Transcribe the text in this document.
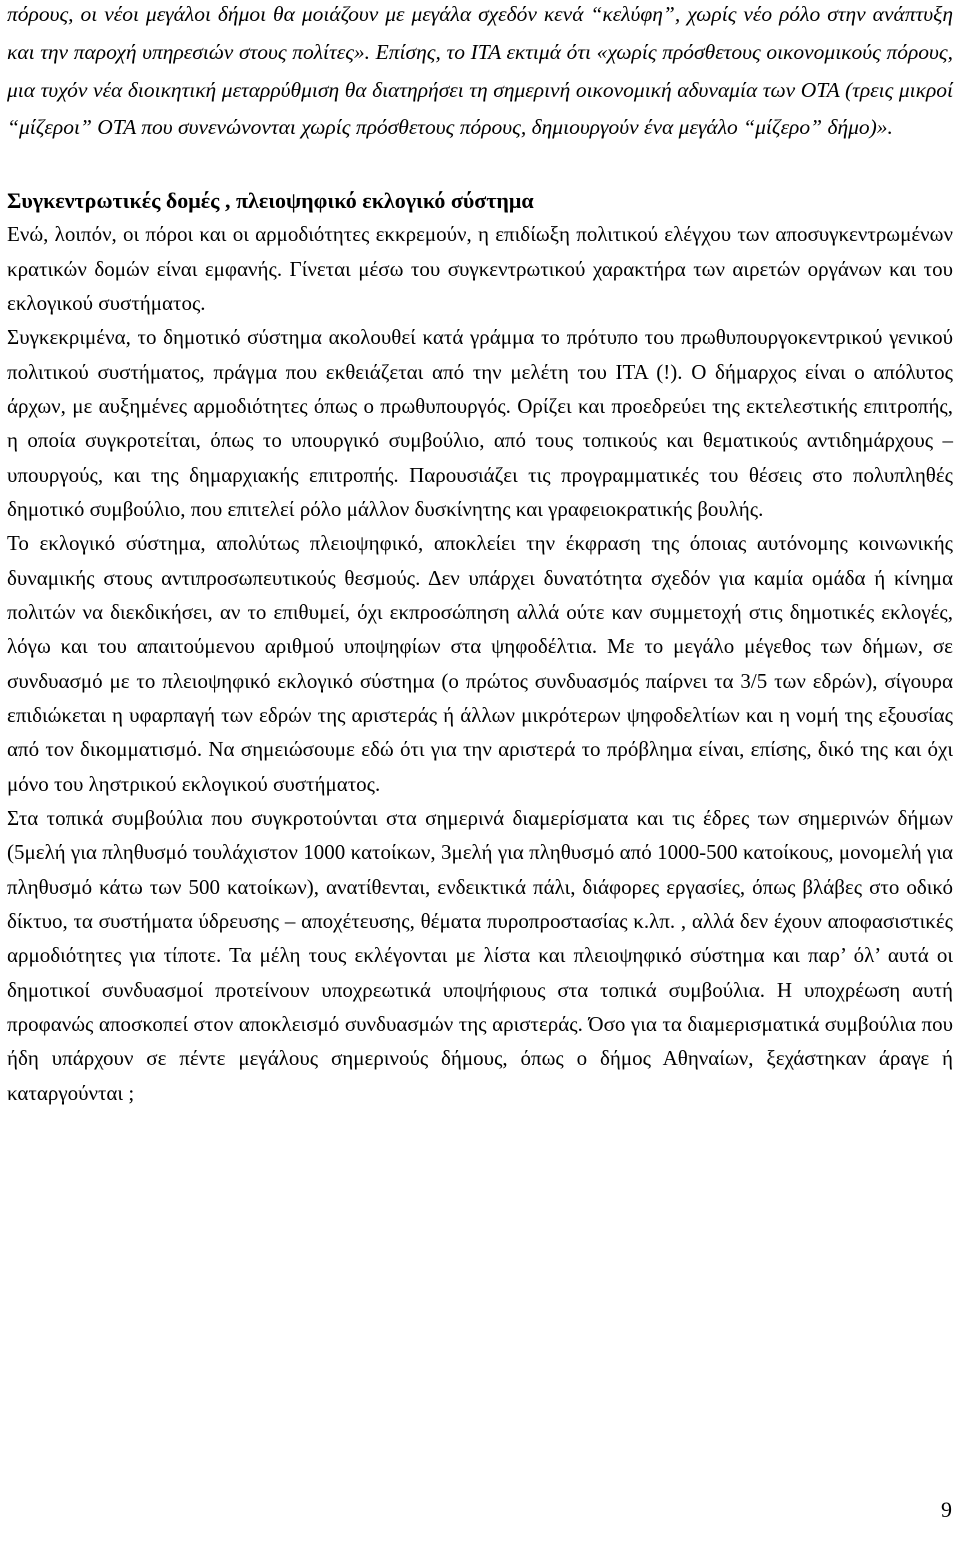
πόρους, οι νέοι μεγάλοι δήμοι θα μοιάζουν με μεγάλα σχεδόν κενά “κελύφη”, χωρίς νέο ρόλο στην ανάπτυξη και την παροχή υπηρεσιών στους πολίτες». Επίσης, το ΙΤΑ εκτιμά ότι «χωρίς πρόσθετους οικονομικούς πόρους, μια τυχόν νέα διοικητική μεταρρύθμιση θα διατηρήσει τη σημερινή οικονομική αδυναμία των ΟΤΑ (τρεις μικροί “μίζεροι” ΟΤΑ που συνενώνονται χωρίς πρόσθετους πόρους, δημιουργούν ένα μεγάλο “μίζερο” δήμο)».

Συγκεντρωτικές δομές , πλειοψηφικό εκλογικό σύστημα

Ενώ, λοιπόν, οι πόροι και οι αρμοδιότητες εκκρεμούν, η επιδίωξη πολιτικού ελέγχου των αποσυγκεντρωμένων κρατικών δομών είναι εμφανής. Γίνεται μέσω του συγκεντρωτικού χαρακτήρα των αιρετών οργάνων και του εκλογικού συστήματος.

Συγκεκριμένα, το δημοτικό σύστημα ακολουθεί κατά γράμμα το πρότυπο του πρωθυπουργοκεντρικού γενικού πολιτικού συστήματος, πράγμα που εκθειάζεται από την μελέτη του ΙΤΑ (!). Ο δήμαρχος είναι ο απόλυτος άρχων, με αυξημένες αρμοδιότητες όπως ο πρωθυπουργός. Ορίζει και προεδρεύει της εκτελεστικής επιτροπής, η οποία συγκροτείται, όπως το υπουργικό συμβούλιο, από τους τοπικούς και θεματικούς αντιδημάρχους – υπουργούς, και της δημαρχιακής επιτροπής. Παρουσιάζει τις προγραμματικές του θέσεις στο πολυπληθές δημοτικό συμβούλιο, που επιτελεί ρόλο μάλλον δυσκίνητης και γραφειοκρατικής βουλής.

Το εκλογικό σύστημα, απολύτως πλειοψηφικό, αποκλείει την έκφραση της όποιας αυτόνομης κοινωνικής δυναμικής στους αντιπροσωπευτικούς θεσμούς. Δεν υπάρχει δυνατότητα σχεδόν για καμία ομάδα ή κίνημα πολιτών να διεκδικήσει, αν το επιθυμεί, όχι εκπροσώπηση αλλά ούτε καν συμμετοχή στις δημοτικές εκλογές, λόγω και του απαιτούμενου αριθμού υποψηφίων στα ψηφοδέλτια. Με το μεγάλο μέγεθος των δήμων, σε συνδυασμό με το πλειοψηφικό εκλογικό σύστημα (ο πρώτος συνδυασμός παίρνει τα 3/5 των εδρών), σίγουρα επιδιώκεται η υφαρπαγή των εδρών της αριστεράς ή άλλων μικρότερων ψηφοδελτίων και η νομή της εξουσίας από τον δικομματισμό. Να σημειώσουμε εδώ ότι για την αριστερά το πρόβλημα είναι, επίσης, δικό της και όχι μόνο του ληστρικού εκλογικού συστήματος.

Στα τοπικά συμβούλια που συγκροτούνται στα σημερινά διαμερίσματα και τις έδρες των σημερινών δήμων (5μελή για πληθυσμό τουλάχιστον 1000 κατοίκων, 3μελή για πληθυσμό από 1000-500 κατοίκους, μονομελή για πληθυσμό κάτω των 500 κατοίκων), ανατίθενται, ενδεικτικά πάλι, διάφορες εργασίες, όπως βλάβες στο οδικό δίκτυο, τα συστήματα ύδρευσης – αποχέτευσης, θέματα πυροπροστασίας κ.λπ. , αλλά δεν έχουν αποφασιστικές αρμοδιότητες για τίποτε. Τα μέλη τους εκλέγονται με λίστα και πλειοψηφικό σύστημα και παρ’ όλ’ αυτά οι δημοτικοί συνδυασμοί προτείνουν υποχρεωτικά υποψήφιους στα τοπικά συμβούλια. Η υποχρέωση αυτή προφανώς αποσκοπεί στον αποκλεισμό συνδυασμών της αριστεράς. Όσο για τα διαμερισματικά συμβούλια που ήδη υπάρχουν σε πέντε μεγάλους σημερινούς δήμους, όπως ο δήμος Αθηναίων, ξεχάστηκαν άραγε ή καταργούνται ;

9
